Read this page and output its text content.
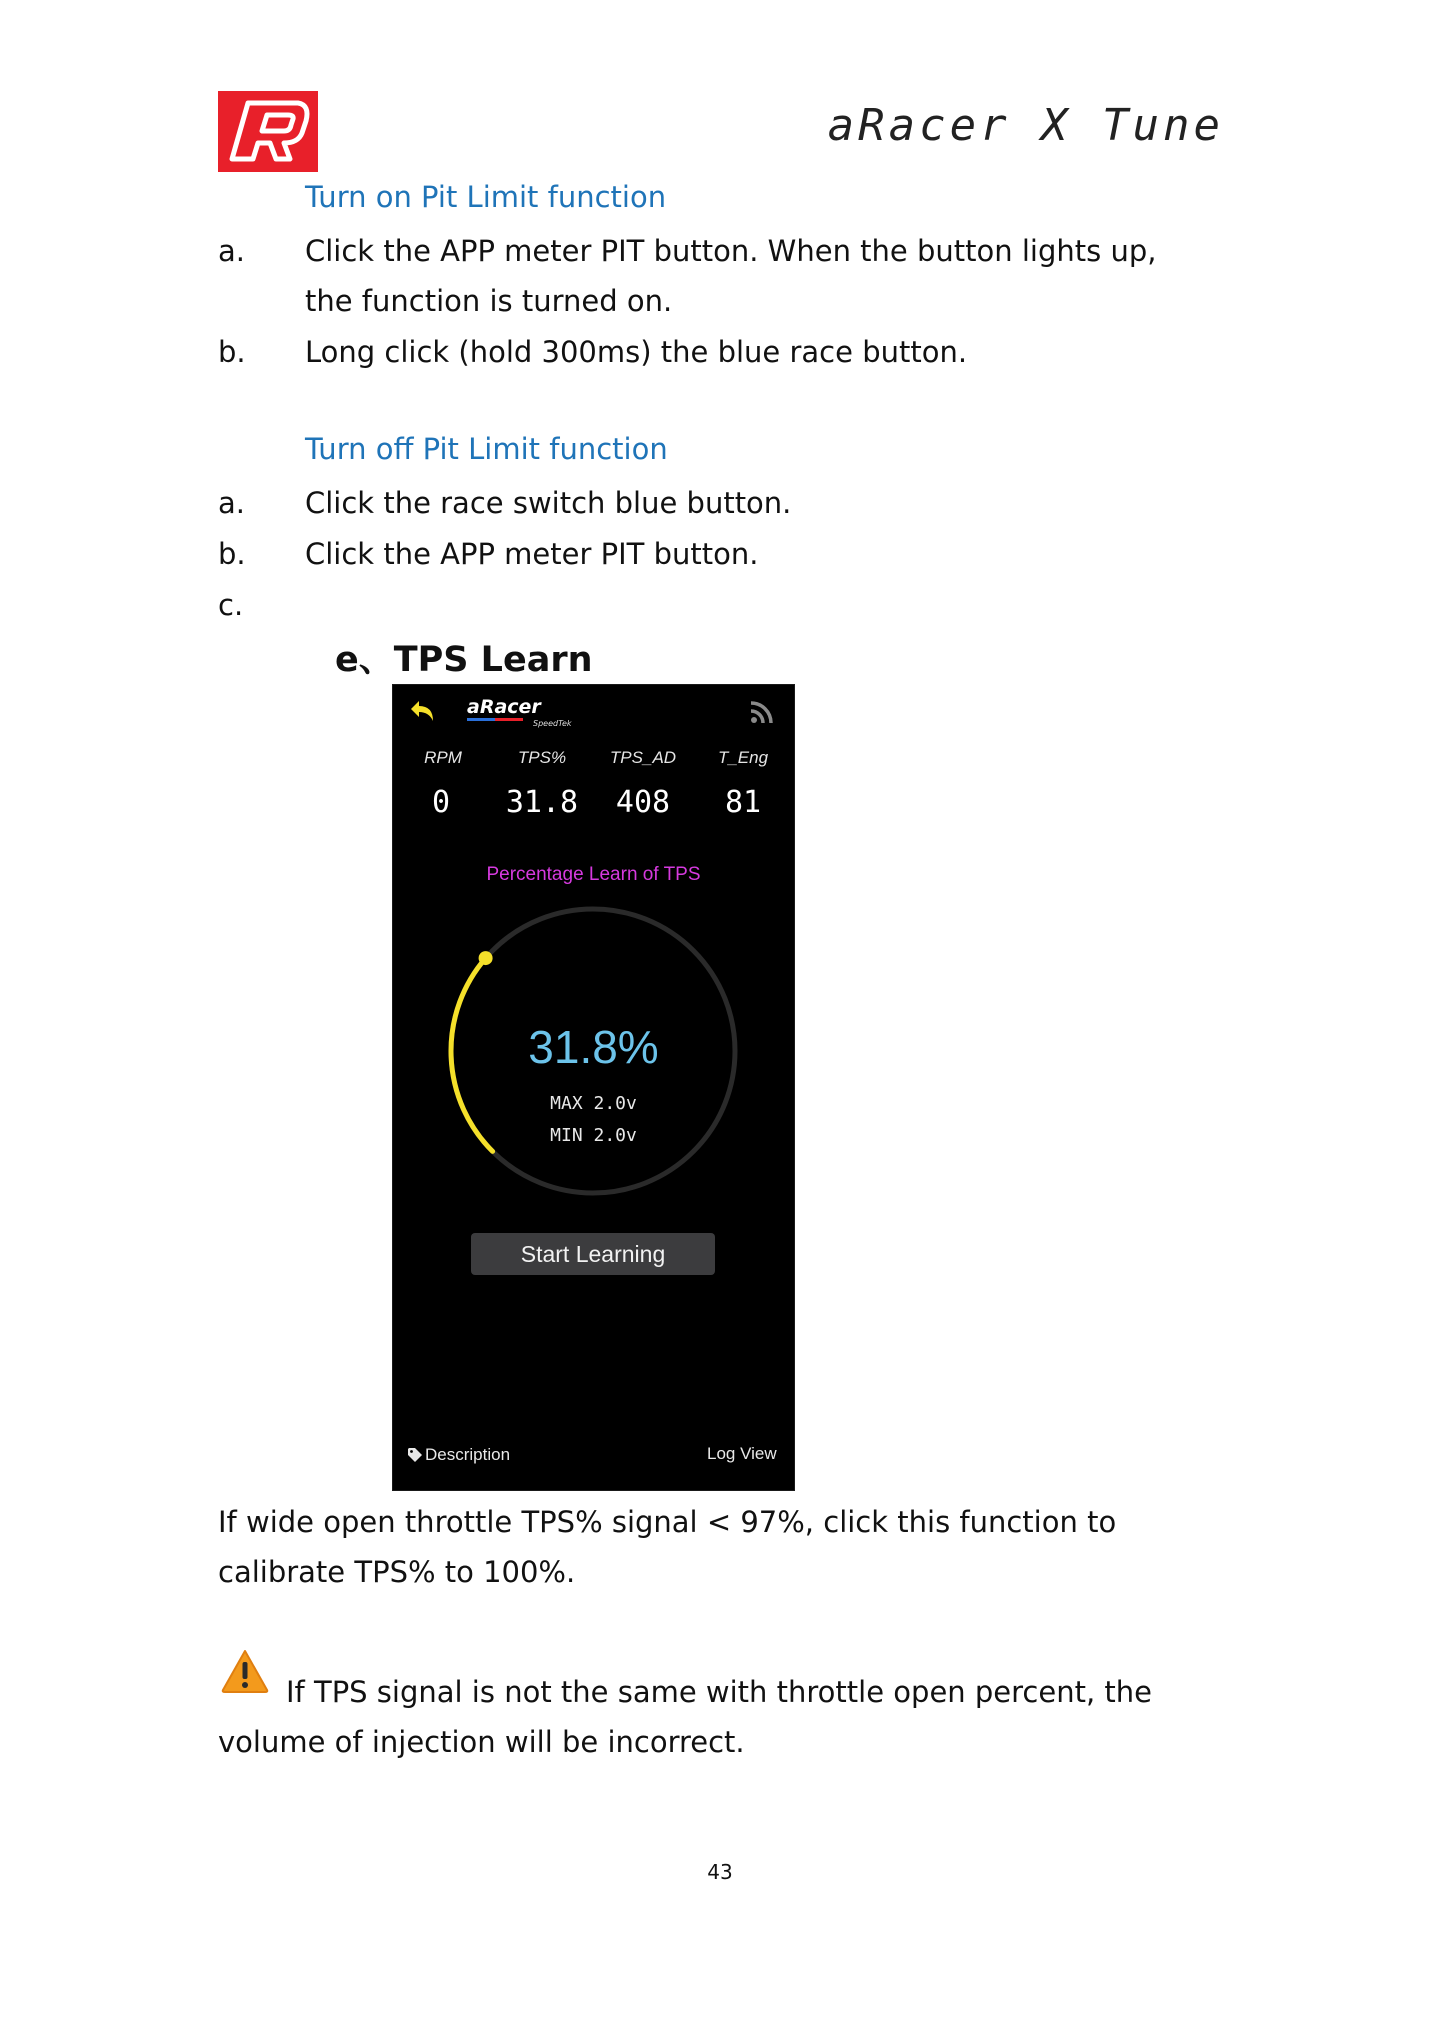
R	aRacer X Tune
Turn on Pit Limit function
a. Click the APP meter PIT button. When the button lights up, the function is turned on.
b. Long click (hold 300ms) the blue race button.
Turn off Pit Limit function
a. Click the race switch blue button.
b. Click the APP meter PIT button.
c.
e、TPS Learn
aRacer
SpeedTek
RPM	TPS%	TPS_AD	T_Eng
0	31.8	408	81
Percentage Learn of TPS
31.8%
MAX 2.0v
MIN 2.0v
Start Learning
Description	Log View
If wide open throttle TPS% signal < 97%, click this function to calibrate TPS% to 100%.
If TPS signal is not the same with throttle open percent, the volume of injection will be incorrect.
43
